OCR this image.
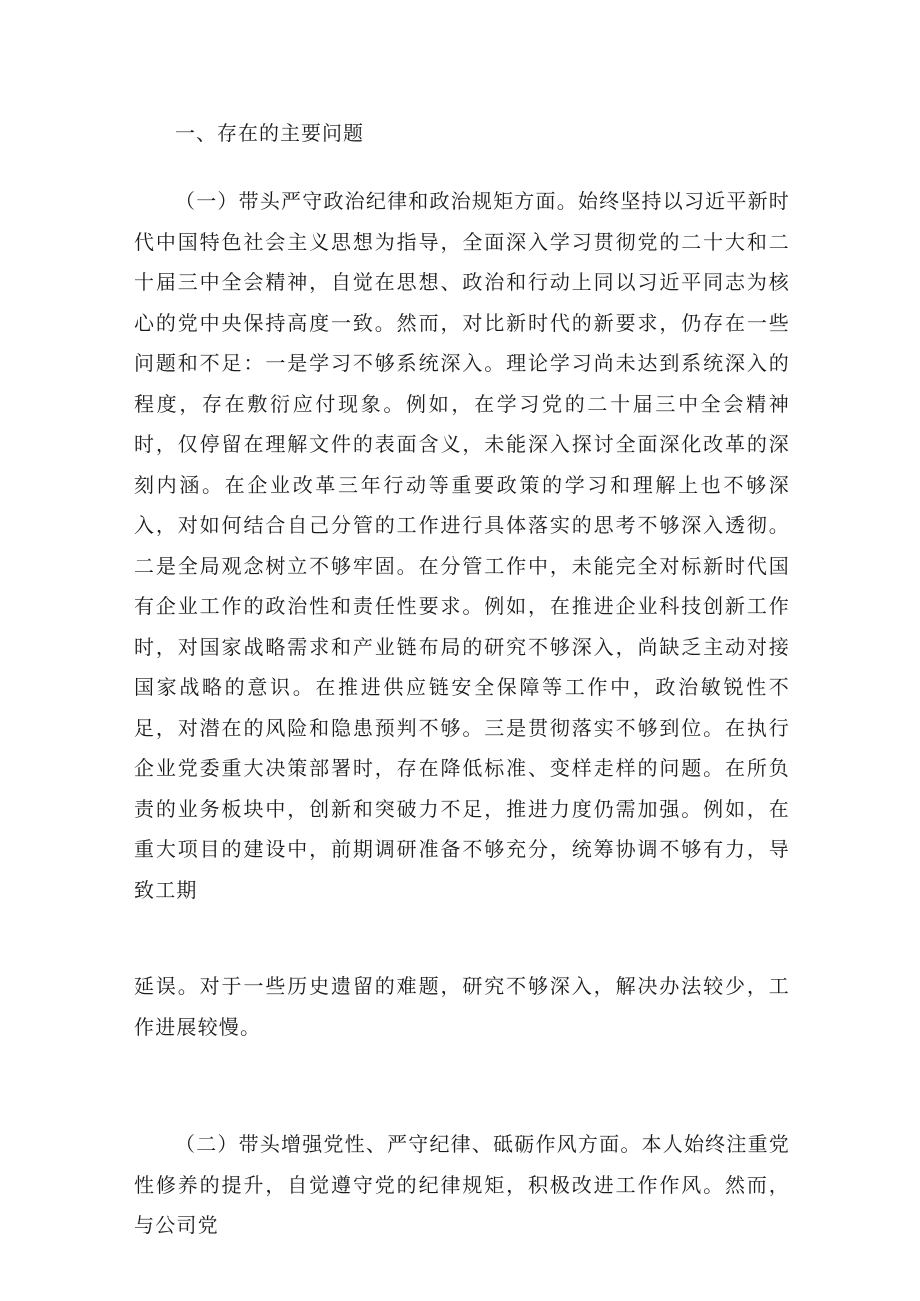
一、存在的主要问题
（一）带头严守政治纪律和政治规矩方面。始终坚持以习近平新时代中国特色社会主义思想为指导，全面深入学习贯彻党的二十大和二十届三中全会精神，自觉在思想、政治和行动上同以习近平同志为核心的党中央保持高度一致。然而，对比新时代的新要求，仍存在一些问题和不足：一是学习不够系统深入。理论学习尚未达到系统深入的程度，存在敷衍应付现象。例如，在学习党的二十届三中全会精神时，仅停留在理解文件的表面含义，未能深入探讨全面深化改革的深刻内涵。在企业改革三年行动等重要政策的学习和理解上也不够深入，对如何结合自己分管的工作进行具体落实的思考不够深入透彻。二是全局观念树立不够牢固。在分管工作中，未能完全对标新时代国有企业工作的政治性和责任性要求。例如，在推进企业科技创新工作时，对国家战略需求和产业链布局的研究不够深入，尚缺乏主动对接国家战略的意识。在推进供应链安全保障等工作中，政治敏锐性不足，对潜在的风险和隐患预判不够。三是贯彻落实不够到位。在执行企业党委重大决策部署时，存在降低标准、变样走样的问题。在所负责的业务板块中，创新和突破力不足，推进力度仍需加强。例如，在重大项目的建设中，前期调研准备不够充分，统筹协调不够有力，导致工期
延误。对于一些历史遗留的难题，研究不够深入，解决办法较少，工作进展较慢。
（二）带头增强党性、严守纪律、砥砺作风方面。本人始终注重党性修养的提升，自觉遵守党的纪律规矩，积极改进工作作风。然而，与公司党
